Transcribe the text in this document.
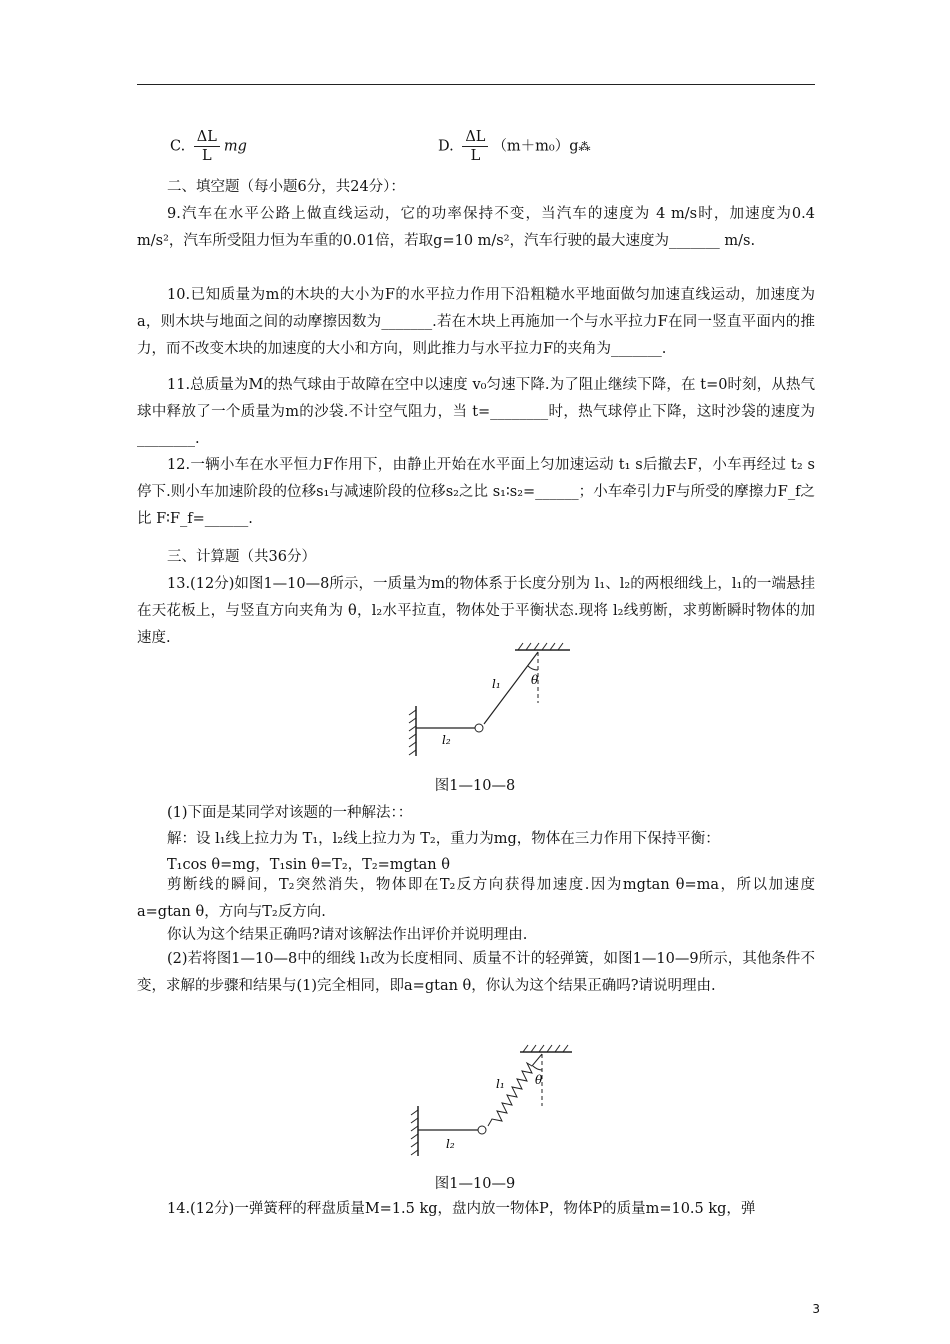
C. $\frac{\Delta L}{L}$ mg	D. $\frac{\Delta L}{L}$ （m＋m₀）g⁂
二、填空题（每小题6分，共24分）：
9.汽车在水平公路上做直线运动，它的功率保持不变，当汽车的速度为 4 m/s时，加速度为0.4 m/s²，汽车所受阻力恒为车重的0.01倍，若取g=10 m/s²，汽车行驶的最大速度为_______ m/s.
10.已知质量为m的木块的大小为F的水平拉力作用下沿粗糙水平地面做匀加速直线运动，加速度为a，则木块与地面之间的动摩擦因数为_______.若在木块上再施加一个与水平拉力F在同一竖直平面内的推力，而不改变木块的加速度的大小和方向，则此推力与水平拉力F的夹角为_______.
11.总质量为M的热气球由于故障在空中以速度 v₀匀速下降.为了阻止继续下降，在 t=0时刻，从热气球中释放了一个质量为m的沙袋.不计空气阻力，当 t=________时，热气球停止下降，这时沙袋的速度为________.
12.一辆小车在水平恒力F作用下，由静止开始在水平面上匀加速运动 t₁ s后撤去F，小车再经过 t₂ s停下.则小车加速阶段的位移s₁与减速阶段的位移s₂之比 s₁∶s₂=______；小车牵引力F与所受的摩擦力F_f之比 F∶F_f=______.
三、计算题（共36分）
13.(12分)如图1—10—8所示，一质量为m的物体系于长度分别为 l₁、l₂的两根细线上，l₁的一端悬挂在天花板上，与竖直方向夹角为 θ，l₂水平拉直，物体处于平衡状态.现将 l₂线剪断，求剪断瞬时物体的加速度.
l₁
l₂
θ
图1—10—8
(1)下面是某同学对该题的一种解法：：
解：设 l₁线上拉力为 T₁，l₂线上拉力为 T₂，重力为mg，物体在三力作用下保持平衡：
T₁cos θ=mg，T₁sin θ=T₂，T₂=mgtan θ
剪断线的瞬间，T₂突然消失，物体即在T₂反方向获得加速度.因为mgtan θ=ma，所以加速度a=gtan θ，方向与T₂反方向.
你认为这个结果正确吗?请对该解法作出评价并说明理由.
(2)若将图1—10—8中的细线 l₁改为长度相同、质量不计的轻弹簧，如图1—10—9所示，其他条件不变，求解的步骤和结果与(1)完全相同，即a=gtan θ，你认为这个结果正确吗?请说明理由.
l₁
l₂
θ
图1—10—9
14.(12分)一弹簧秤的秤盘质量M=1.5 kg，盘内放一物体P，物体P的质量m=10.5 kg，弹
3
